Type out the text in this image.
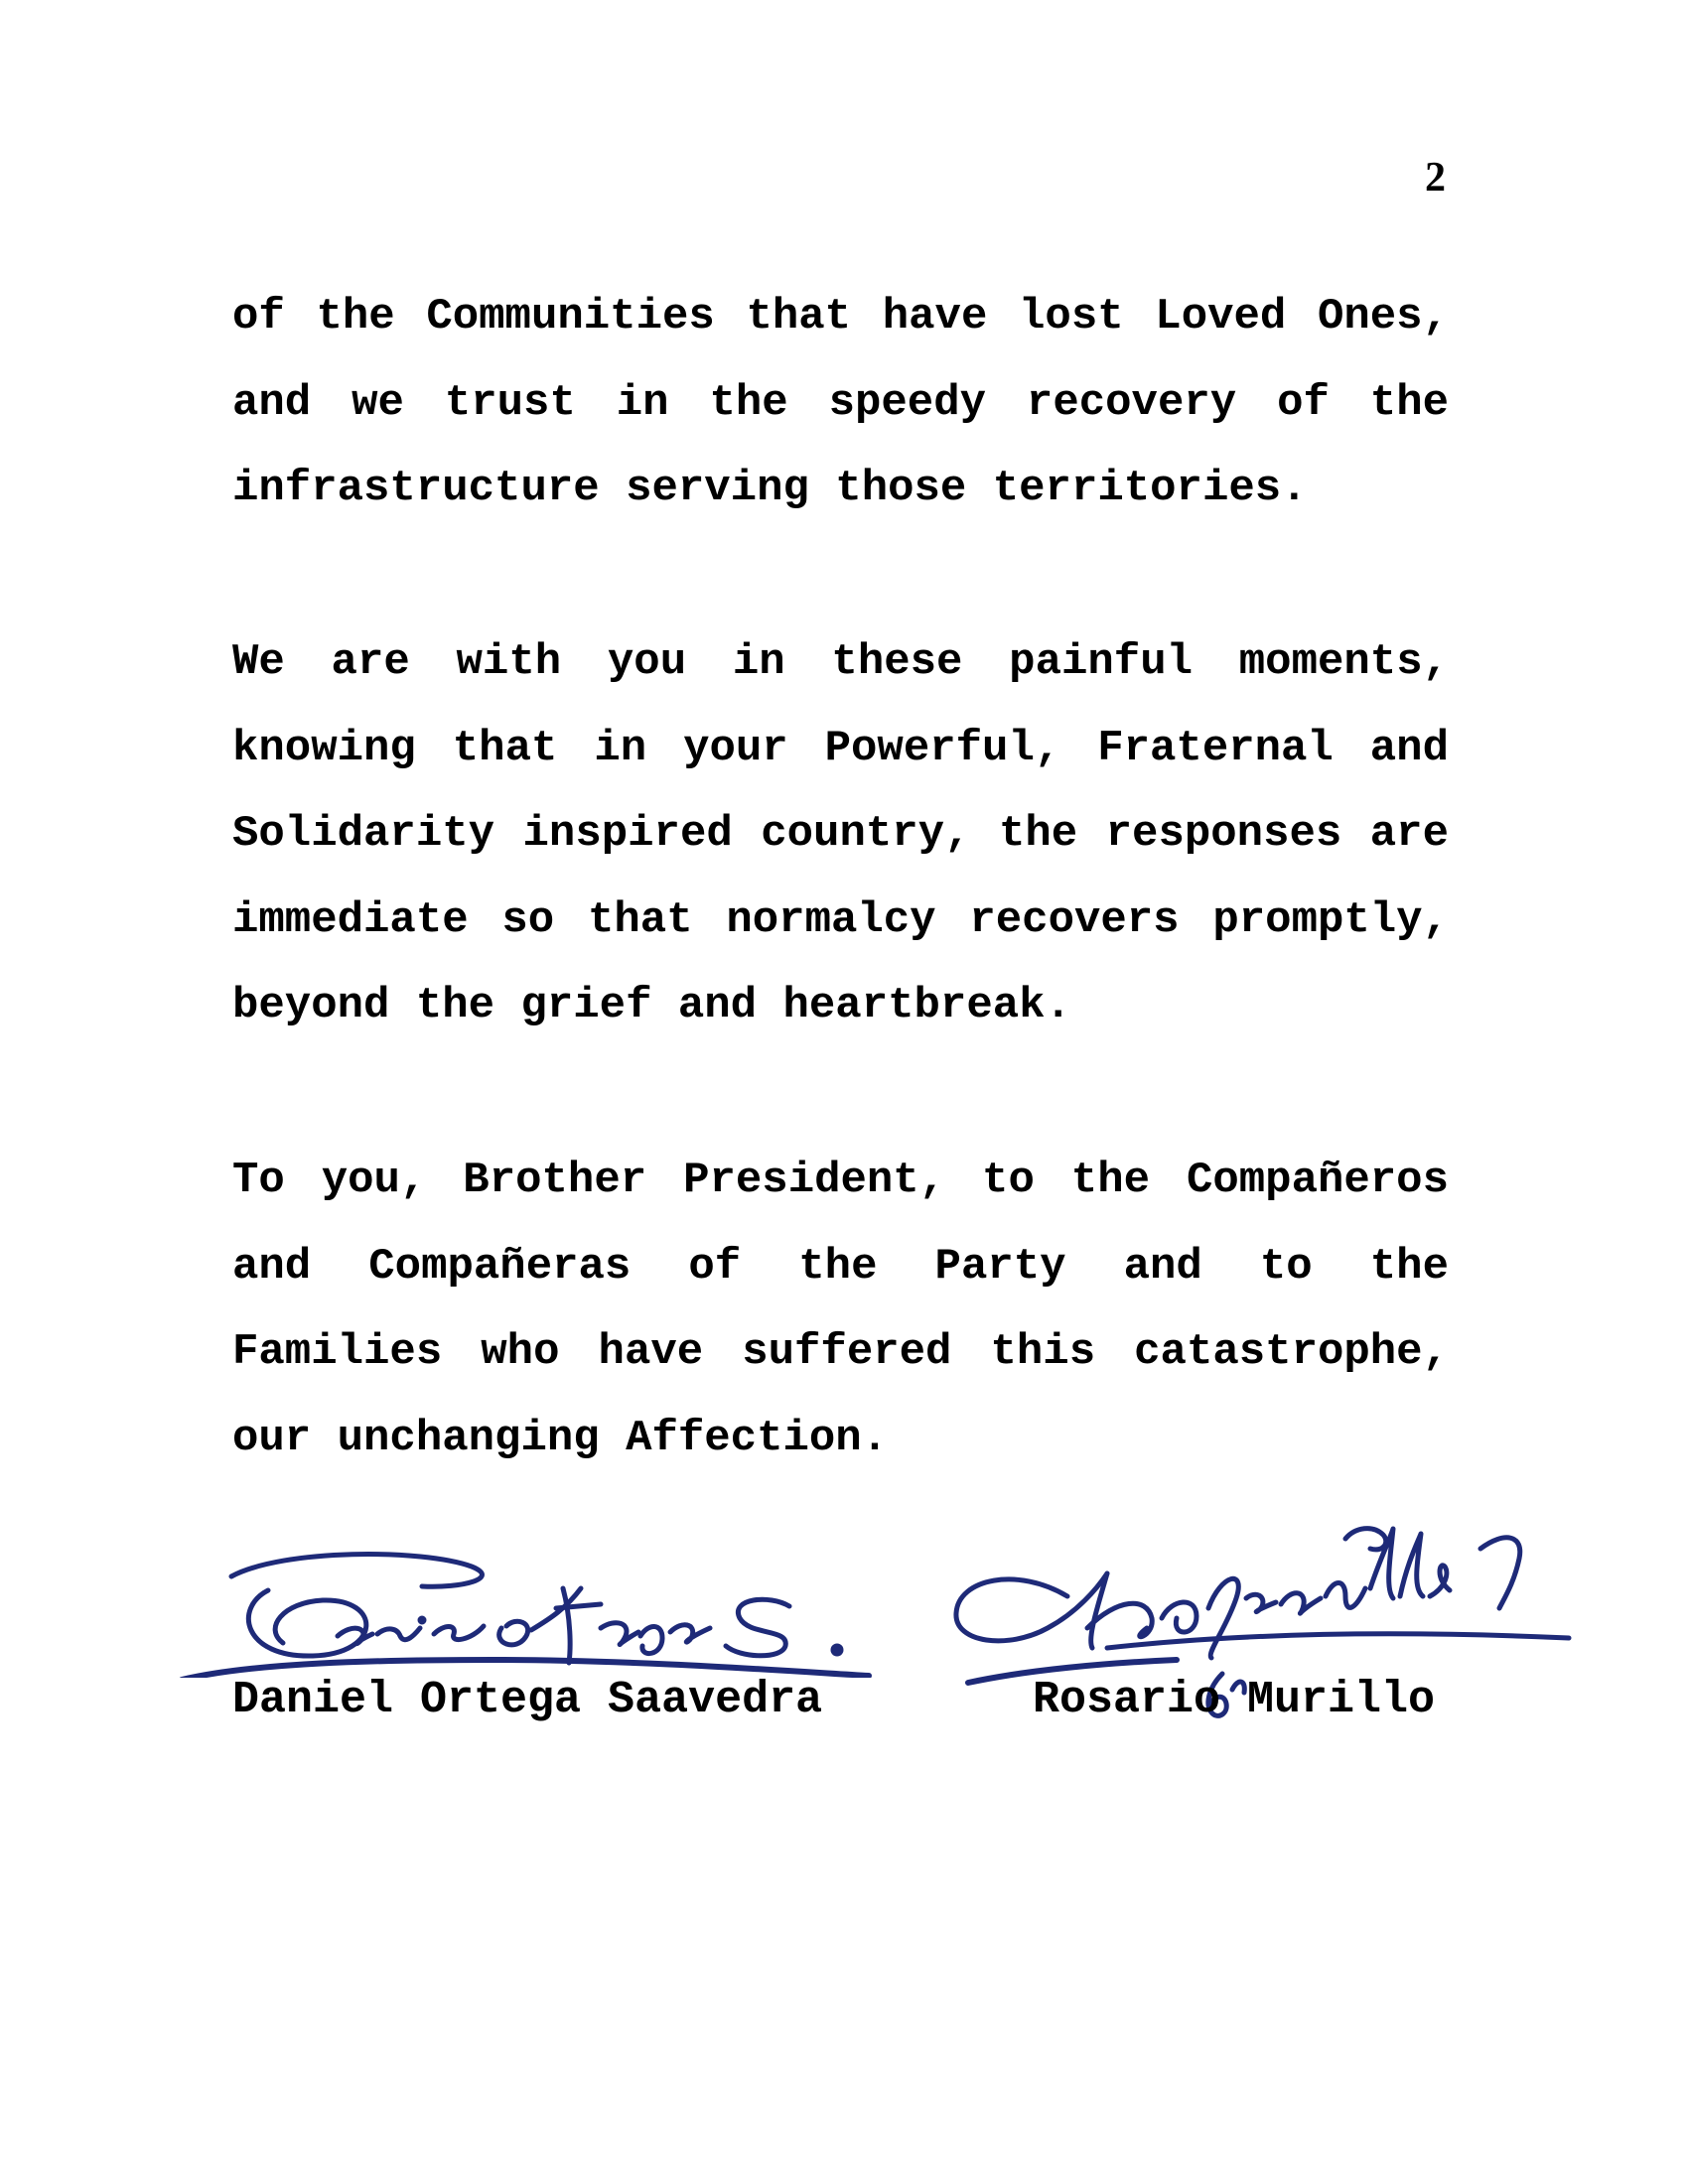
2

of the Communities that have lost Loved Ones, and we trust in the speedy recovery of the infrastructure serving those territories.

We are with you in these painful moments, knowing that in your Powerful, Fraternal and Solidarity inspired country, the responses are immediate so that normalcy recovers promptly, beyond the grief and heartbreak.

To you, Brother President, to the Compañeros and Compañeras of the Party and to the Families who have suffered this catastrophe, our unchanging Affection.

Daniel Ortega Saavedra	Rosario Murillo
